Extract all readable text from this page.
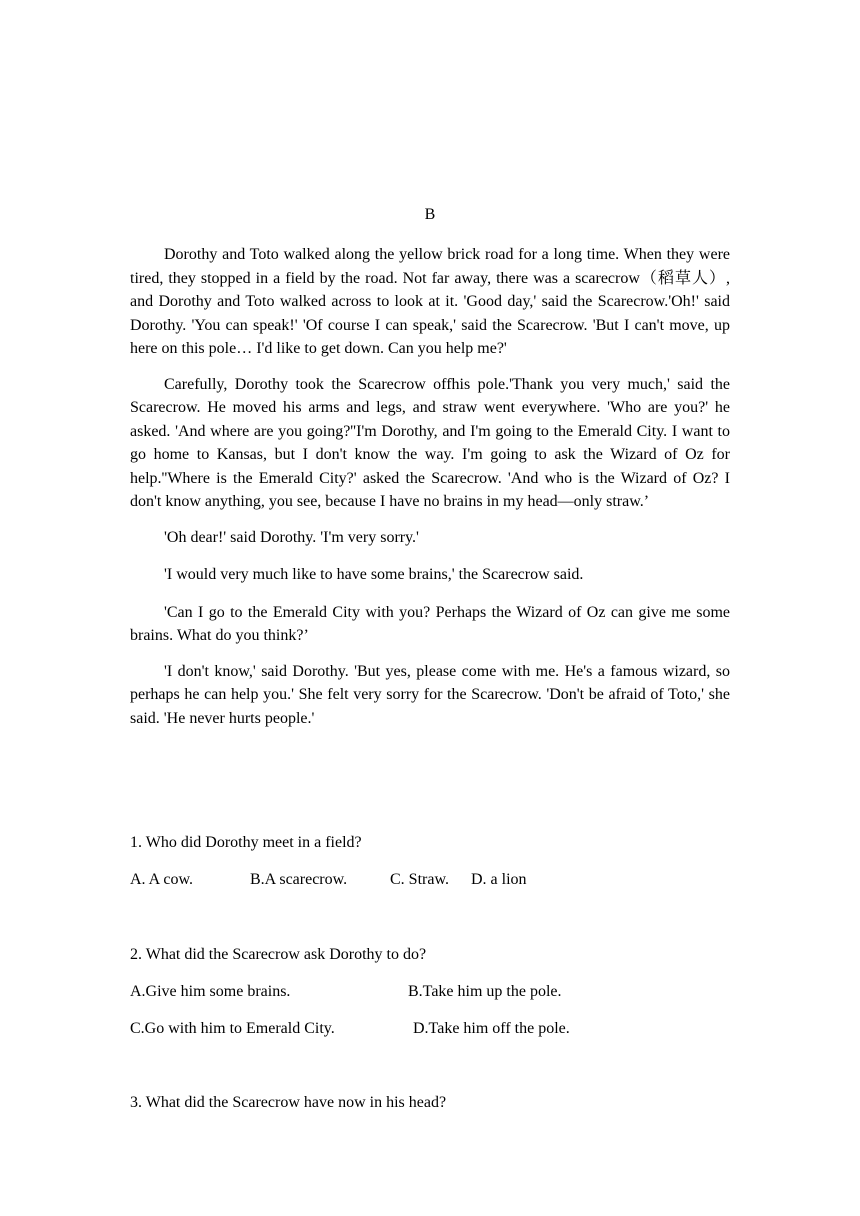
B

Dorothy and Toto walked along the yellow brick road for a long time. When they were tired, they stopped in a field by the road. Not far away, there was a scarecrow（稻草人）, and Dorothy and Toto walked across to look at it. 'Good day,' said the Scarecrow.'Oh!' said Dorothy. 'You can speak!' 'Of course I can speak,' said the Scarecrow. 'But I can't move, up here on this pole… I'd like to get down. Can you help me?'

Carefully, Dorothy took the Scarecrow offhis pole.'Thank you very much,' said the Scarecrow. He moved his arms and legs, and straw went everywhere. 'Who are you?' he asked. 'And where are you going?''I'm Dorothy, and I'm going to the Emerald City. I want to go home to Kansas, but I don't know the way. I'm going to ask the Wizard of Oz for help.''Where is the Emerald City?' asked the Scarecrow. 'And who is the Wizard of Oz? I don't know anything, you see, because I have no brains in my head—only straw.’

'Oh dear!' said Dorothy. 'I'm very sorry.'

'I would very much like to have some brains,' the Scarecrow said.

'Can I go to the Emerald City with you? Perhaps the Wizard of Oz can give me some brains. What do you think?’

'I don't know,' said Dorothy. 'But yes, please come with me. He's a famous wizard, so perhaps he can help you.' She felt very sorry for the Scarecrow. 'Don't be afraid of Toto,' she said. 'He never hurts people.'

1. Who did Dorothy meet in a field?

A. A cow.	B.A scarecrow.	C. Straw.	D. a lion

2. What did the Scarecrow ask Dorothy to do?

A.Give him some brains.	B.Take him up the pole.
C.Go with him to Emerald City.	D.Take him off the pole.

3. What did the Scarecrow have now in his head?
